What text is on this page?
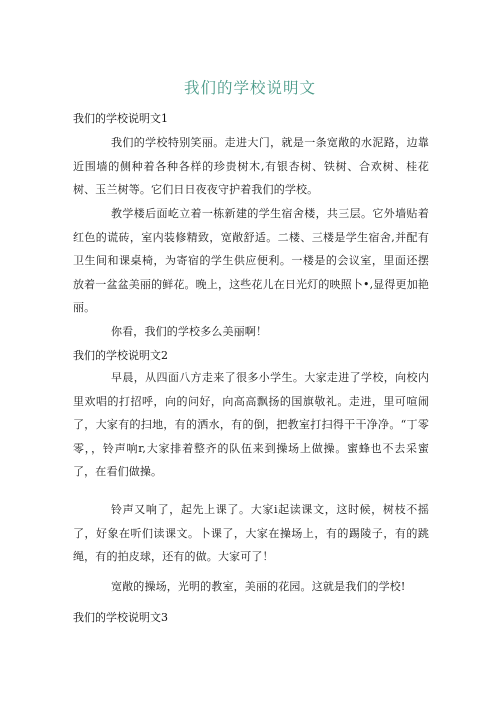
我们的学校说明文
我们的学校说明文1
我们的学校特别笑丽。走进大门，就是一条宽敞的水泥路，边靠近围墙的侧种着各种各样的珍贵树木,有银杏树、铁树、合欢树、桂花树、玉兰树等。它们日日夜夜守护着我们的学校。
教学楼后面屹立着一栋新建的学生宿舍楼，共三层。它外墙贴着红色的谎砖，室内装修精致，宽敞舒适。二楼、三楼是学生宿舍,并配有卫生间和课桌椅，为寄宿的学生供应便利。一楼是的会议室，里面还摆放着一盆盆美丽的鲜花。晚上，这些花儿在日光灯的映照卜•,显得更加艳丽。
你看，我们的学校多么美丽啊！
我们的学校说明文2
早晨，从四面八方走来了很多小学生。大家走进了学校，向校内里欢唱的打招呼，向的问好，向高高飘扬的国旗敬礼。走进，里可喧闹了，大家有的扫地，有的洒水，有的倒，把教室打扫得干干净净。“丁零零，，铃声响r,大家排着整齐的队伍来到操场上做操。蜜蜂也不去采蜜了，在看们做操。
铃声又响了，起先上课了。大家i起读课文，这时候，树枝不摇了，好象在听们读课文。卜课了，大家在操场上，有的踢陵子，有的跳绳，有的拍皮球，还有的做。大家可了！
宽敞的操场，光明的教室，美丽的花园。这就是我们的学校!
我们的学校说明文3
